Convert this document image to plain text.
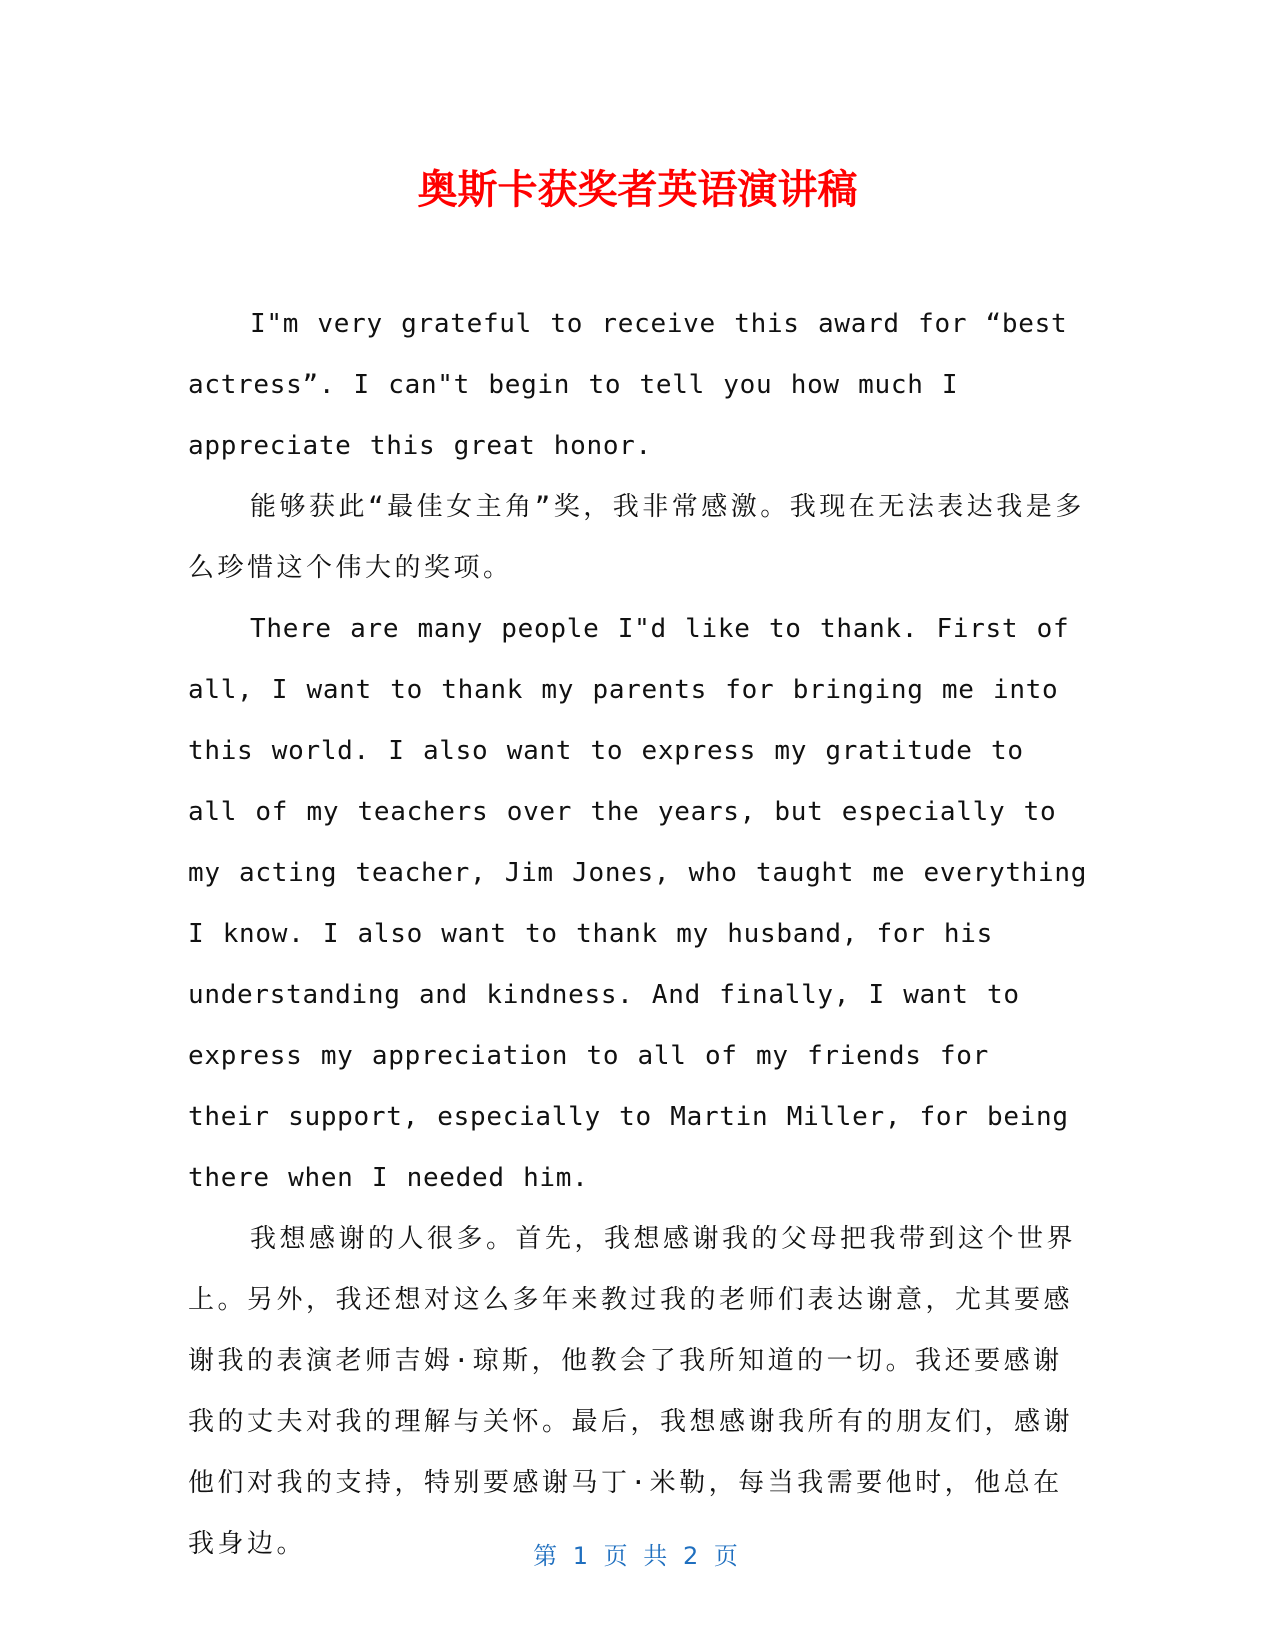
奥斯卡获奖者英语演讲稿

I"m very grateful to receive this award for “best actress”. I can"t begin to tell you how much I appreciate this great honor.

能够获此“最佳女主角”奖，我非常感激。我现在无法表达我是多么珍惜这个伟大的奖项。

There are many people I"d like to thank. First of all, I want to thank my parents for bringing me into this world. I also want to express my gratitude to all of my teachers over the years, but especially to my acting teacher, Jim Jones, who taught me everything I know. I also want to thank my husband, for his understanding and kindness. And finally, I want to express my appreciation to all of my friends for their support, especially to Martin Miller, for being there when I needed him.

我想感谢的人很多。首先，我想感谢我的父母把我带到这个世界上。另外，我还想对这么多年来教过我的老师们表达谢意，尤其要感谢我的表演老师吉姆·琼斯，他教会了我所知道的一切。我还要感谢我的丈夫对我的理解与关怀。最后，我想感谢我所有的朋友们，感谢他们对我的支持，特别要感谢马丁·米勒，每当我需要他时，他总在我身边。	第 1 页 共 2 页
